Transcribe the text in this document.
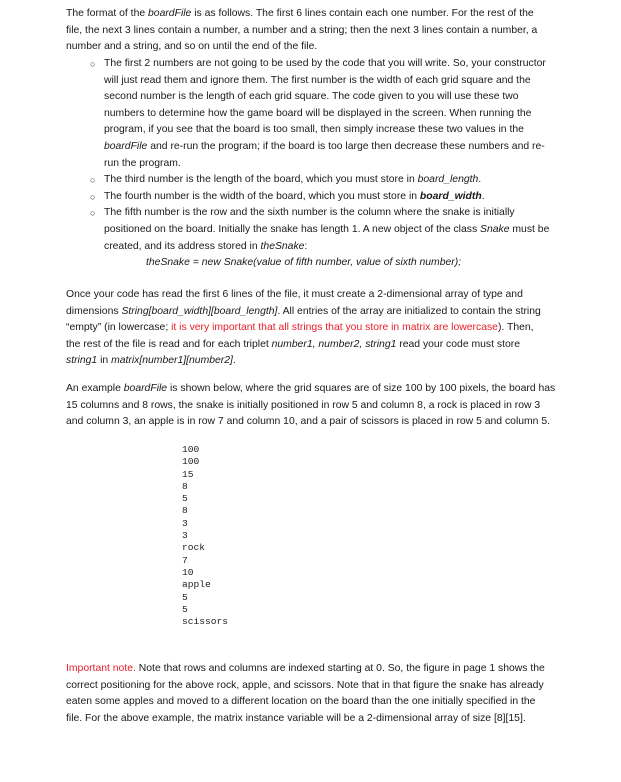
The format of the boardFile is as follows. The first 6 lines contain each one number. For the rest of the
file, the next 3 lines contain a number, a number and a string; then the next 3 lines contain a number, a
number and a string, and so on until the end of the file.
○ The first 2 numbers are not going to be used by the code that you will write. So, your constructor
will just read them and ignore them. The first number is the width of each grid square and the
second number is the length of each grid square. The code given to you will use these two
numbers to determine how the game board will be displayed in the screen. When running the
program, if you see that the board is too small, then simply increase these two values in the
boardFile and re-run the program; if the board is too large then decrease these numbers and re-
run the program.
○ The third number is the length of the board, which you must store in board_length.
○ The fourth number is the width of the board, which you must store in board_width.
○ The fifth number is the row and the sixth number is the column where the snake is initially
positioned on the board. Initially the snake has length 1. A new object of the class Snake must be
created, and its address stored in theSnake:
theSnake = new Snake(value of fifth number, value of sixth number);
Once your code has read the first 6 lines of the file, it must create a 2-dimensional array of type and
dimensions String[board_width][board_length]. All entries of the array are initialized to contain the string
“empty” (in lowercase; it is very important that all strings that you store in matrix are lowercase). Then,
the rest of the file is read and for each triplet number1, number2, string1 read your code must store
string1 in matrix[number1][number2].
An example boardFile is shown below, where the grid squares are of size 100 by 100 pixels, the board has
15 columns and 8 rows, the snake is initially positioned in row 5 and column 8, a rock is placed in row 3
and column 3, an apple is in row 7 and column 10, and a pair of scissors is placed in row 5 and column 5.
100
100
15
8
5
8
3
3
rock
7
10
apple
5
5
scissors
Important note. Note that rows and columns are indexed starting at 0. So, the figure in page 1 shows the
correct positioning for the above rock, apple, and scissors. Note that in that figure the snake has already
eaten some apples and moved to a different location on the board than the one initially specified in the
file. For the above example, the matrix instance variable will be a 2-dimensional array of size [8][15].
